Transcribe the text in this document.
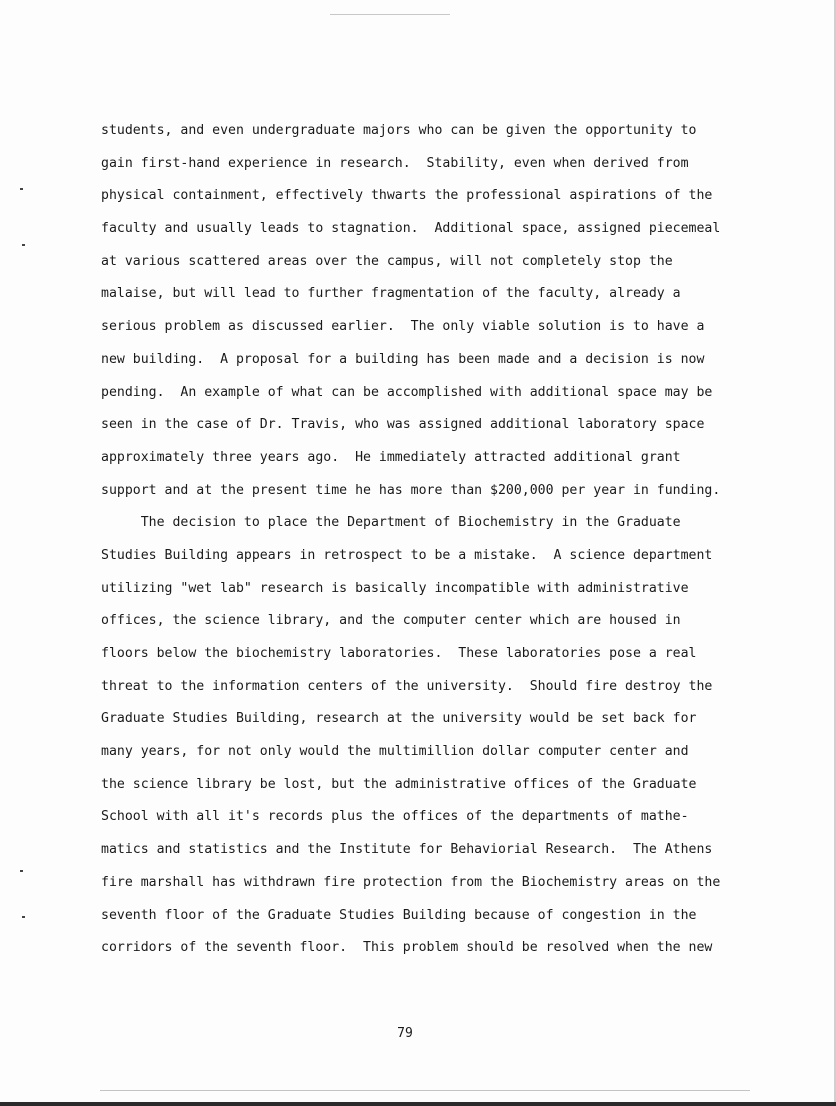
students, and even undergraduate majors who can be given the opportunity to
gain first-hand experience in research.  Stability, even when derived from
physical containment, effectively thwarts the professional aspirations of the
faculty and usually leads to stagnation.  Additional space, assigned piecemeal
at various scattered areas over the campus, will not completely stop the
malaise, but will lead to further fragmentation of the faculty, already a
serious problem as discussed earlier.  The only viable solution is to have a
new building.  A proposal for a building has been made and a decision is now
pending.  An example of what can be accomplished with additional space may be
seen in the case of Dr. Travis, who was assigned additional laboratory space
approximately three years ago.  He immediately attracted additional grant
support and at the present time he has more than $200,000 per year in funding.
The decision to place the Department of Biochemistry in the Graduate
Studies Building appears in retrospect to be a mistake.  A science department
utilizing "wet lab" research is basically incompatible with administrative
offices, the science library, and the computer center which are housed in
floors below the biochemistry laboratories.  These laboratories pose a real
threat to the information centers of the university.  Should fire destroy the
Graduate Studies Building, research at the university would be set back for
many years, for not only would the multimillion dollar computer center and
the science library be lost, but the administrative offices of the Graduate
School with all it's records plus the offices of the departments of mathe-
matics and statistics and the Institute for Behaviorial Research.  The Athens
fire marshall has withdrawn fire protection from the Biochemistry areas on the
seventh floor of the Graduate Studies Building because of congestion in the
corridors of the seventh floor.  This problem should be resolved when the new
79
